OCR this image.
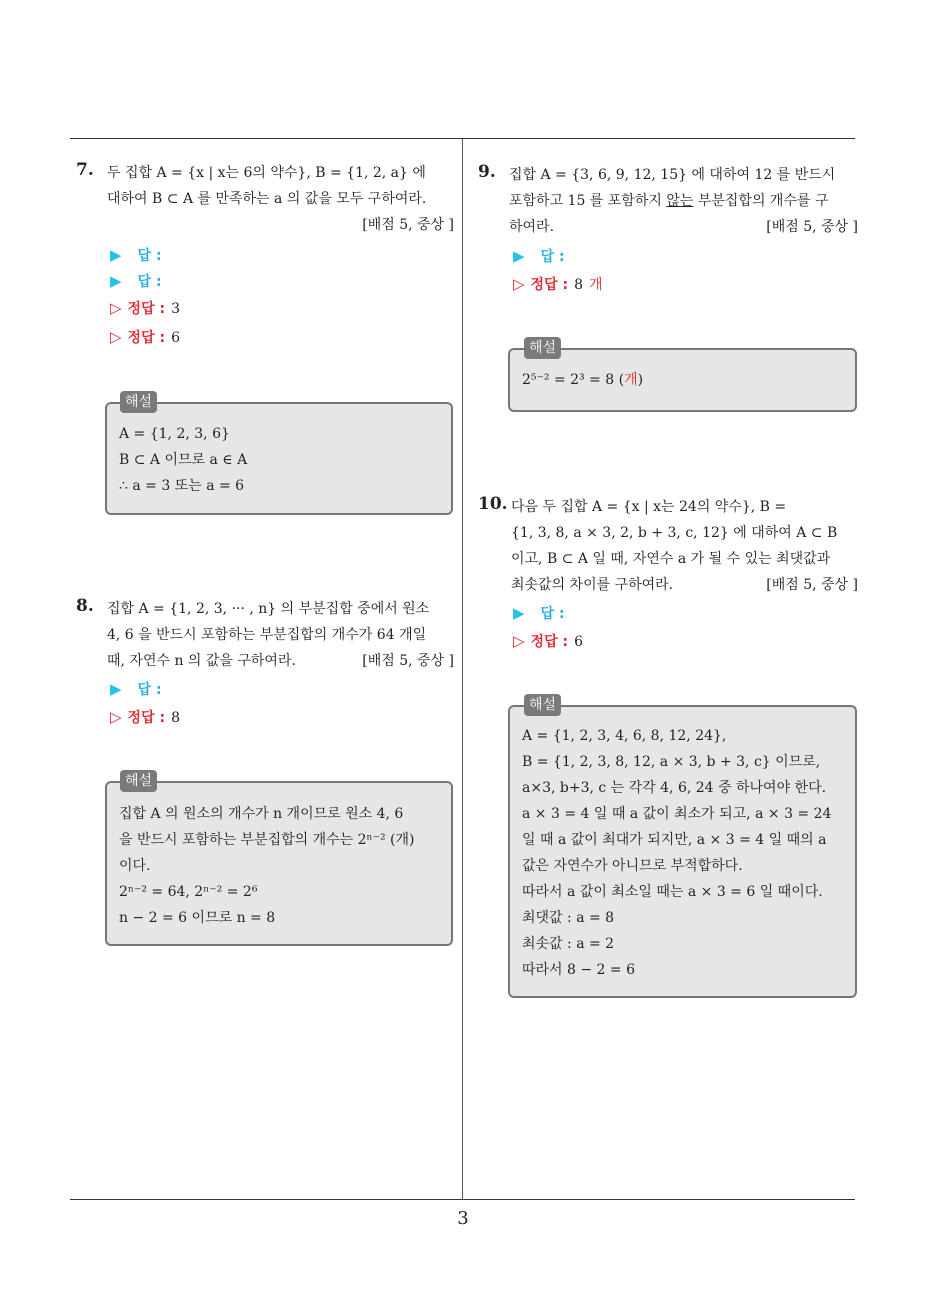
7. 두 집합 A = {x | x는 6의 약수}, B = {1, 2, a} 에
대하여 B ⊂ A 를 만족하는 a 의 값을 모두 구하여라.
[배점 5, 중상 ]
▶ 답 :
▶ 답 :
▷ 정답 : 3
▷ 정답 : 6
A = {1, 2, 3, 6}
B ⊂ A 이므로 a ∈ A
∴ a = 3 또는 a = 6
해설
8. 집합 A = {1, 2, 3, ··· , n} 의 부분집합 중에서 원소
4, 6 을 반드시 포함하는 부분집합의 개수가 64 개일
때, 자연수 n 의 값을 구하여라.	[배점 5, 중상 ]
▶ 답 :
▷ 정답 : 8
집합 A 의 원소의 개수가 n 개이므로 원소 4, 6
을 반드시 포함하는 부분집합의 개수는 2ⁿ⁻² (개)
이다.
2ⁿ⁻² = 64, 2ⁿ⁻² = 2⁶
n − 2 = 6 이므로 n = 8
해설
9. 집합 A = {3, 6, 9, 12, 15} 에 대하여 12 를 반드시
포함하고 15 를 포함하지 않는 부분집합의 개수를 구
하여라.	[배점 5, 중상 ]
▶ 답 :
▷ 정답 : 8 개
2⁵⁻² = 2³ = 8 (개)
해설
10. 다음 두 집합 A = {x | x는 24의 약수}, B =
{1, 3, 8, a × 3, 2, b + 3, c, 12} 에 대하여 A ⊂ B
이고, B ⊂ A 일 때, 자연수 a 가 될 수 있는 최댓값과
최솟값의 차이를 구하여라.	[배점 5, 중상 ]
▶ 답 :
▷ 정답 : 6
A = {1, 2, 3, 4, 6, 8, 12, 24},
B = {1, 2, 3, 8, 12, a × 3, b + 3, c} 이므로,
a×3, b+3, c 는 각각 4, 6, 24 중 하나여야 한다.
a × 3 = 4 일 때 a 값이 최소가 되고, a × 3 = 24
일 때 a 값이 최대가 되지만, a × 3 = 4 일 때의 a
값은 자연수가 아니므로 부적합하다.
따라서 a 값이 최소일 때는 a × 3 = 6 일 때이다.
최댓값 : a = 8
최솟값 : a = 2
따라서 8 − 2 = 6
해설
3
